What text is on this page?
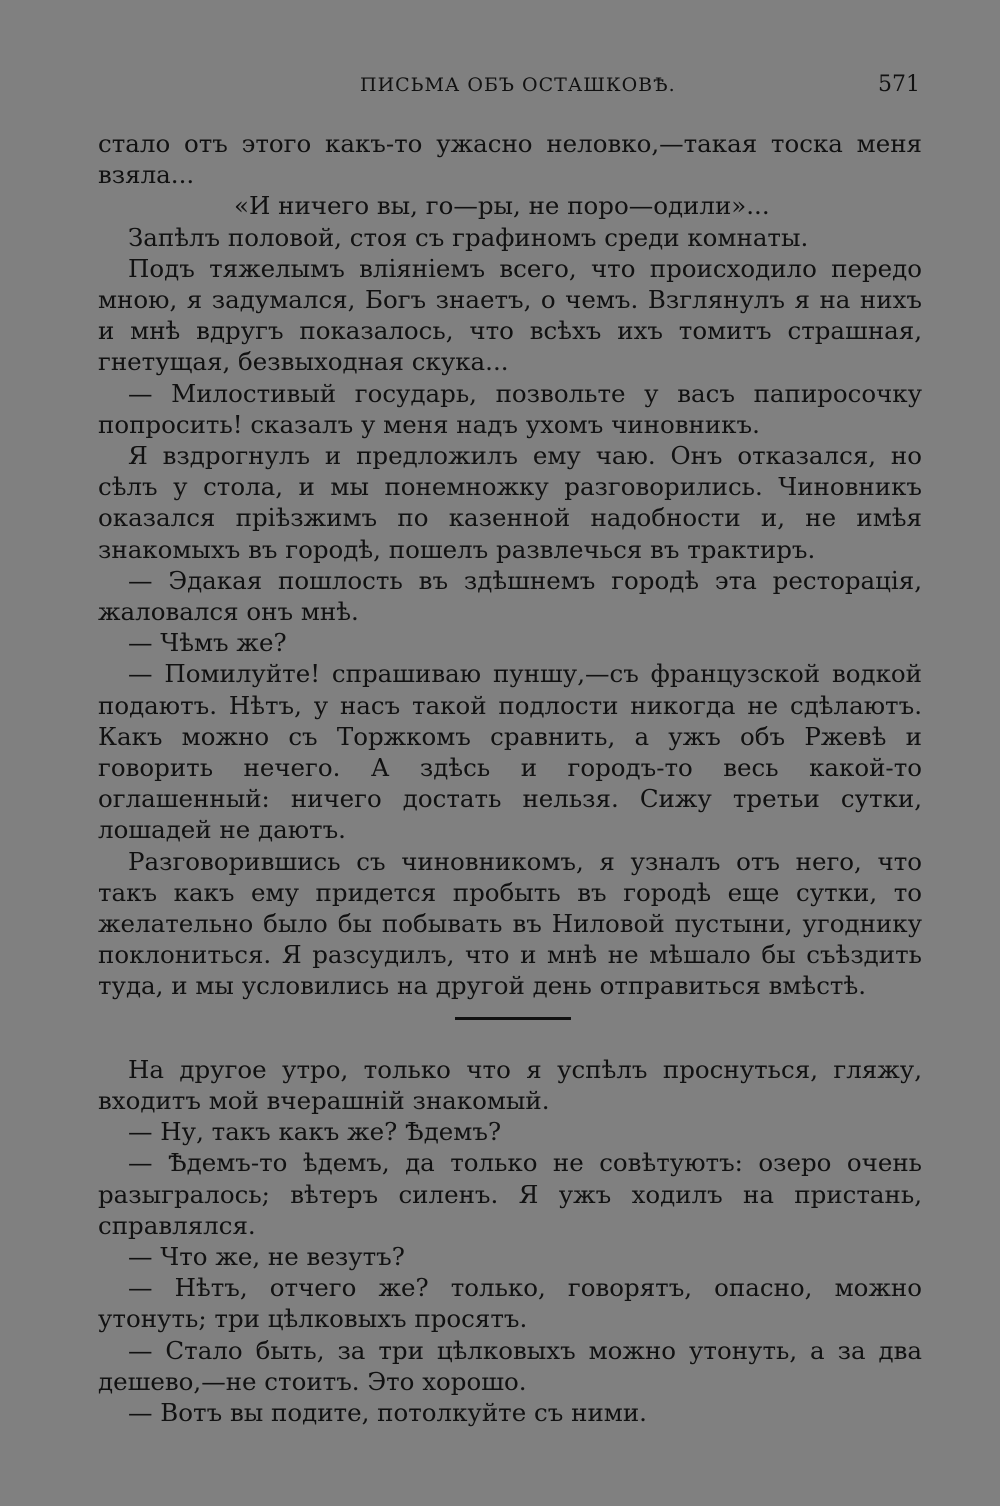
ПИСЬМА ОБЪ ОСТАШКОВѢ.	571

стало отъ этого какъ-то ужасно неловко,—такая тоска меня взяла...

«И ничего вы, го—ры, не поро—одили»...

Запѣлъ половой, стоя съ графиномъ среди комнаты.

Подъ тяжелымъ вліяніемъ всего, что происходило передо мною, я задумался, Богъ знаетъ, о чемъ. Взглянулъ я на нихъ и мнѣ вдругъ показалось, что всѣхъ ихъ томитъ страшная, гнетущая, безвыходная скука...

— Милостивый государь, позвольте у васъ папиросочку попросить! сказалъ у меня надъ ухомъ чиновникъ.

Я вздрогнулъ и предложилъ ему чаю. Онъ отказался, но сѣлъ у стола, и мы понемножку разговорились. Чиновникъ оказался пріѣзжимъ по казенной надобности и, не имѣя знакомыхъ въ городѣ, пошелъ развлечься въ трактиръ.

— Эдакая пошлость въ здѣшнемъ городѣ эта ресторація, жаловался онъ мнѣ.

— Чѣмъ же?

— Помилуйте! спрашиваю пуншу,—съ французской водкой подаютъ. Нѣтъ, у насъ такой подлости никогда не сдѣлаютъ. Какъ можно съ Торжкомъ сравнить, а ужъ объ Ржевѣ и говорить нечего. А здѣсь и городъ-то весь какой-то оглашенный: ничего достать нельзя. Сижу третьи сутки, лошадей не даютъ.

Разговорившись съ чиновникомъ, я узналъ отъ него, что такъ какъ ему придется пробыть въ городѣ еще сутки, то желательно было бы побывать въ Ниловой пустыни, угоднику поклониться. Я разсудилъ, что и мнѣ не мѣшало бы съѣздить туда, и мы условились на другой день отправиться вмѣстѣ.

На другое утро, только что я успѣлъ проснуться, гляжу, входитъ мой вчерашній знакомый.

— Ну, такъ какъ же? Ѣдемъ?

— Ѣдемъ-то ѣдемъ, да только не совѣтуютъ: озеро очень разыгралось; вѣтеръ силенъ. Я ужъ ходилъ на пристань, справлялся.

— Что же, не везутъ?

— Нѣтъ, отчего же? только, говорятъ, опасно, можно утонуть; три цѣлковыхъ просятъ.

— Стало быть, за три цѣлковыхъ можно утонуть, а за два дешево,—не стоитъ. Это хорошо.

— Вотъ вы подите, потолкуйте съ ними.
